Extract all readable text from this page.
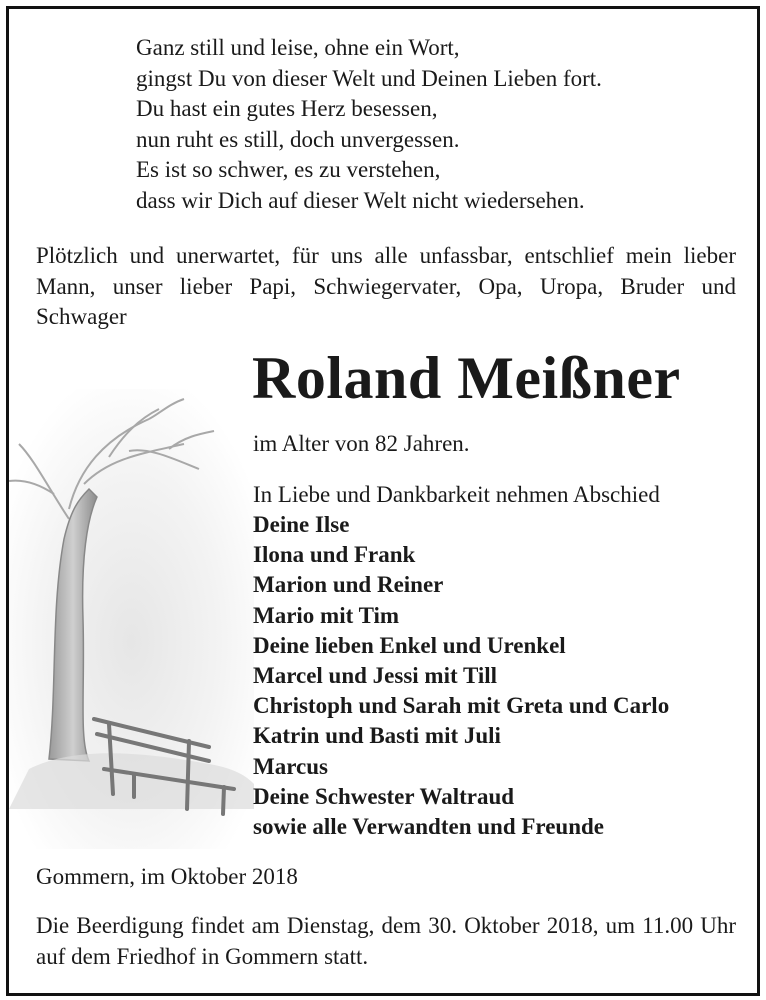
Ganz still und leise, ohne ein Wort,
gingst Du von dieser Welt und Deinen Lieben fort.
Du hast ein gutes Herz besessen,
nun ruht es still, doch unvergessen.
Es ist so schwer, es zu verstehen,
dass wir Dich auf dieser Welt nicht wiedersehen.
Plötzlich und unerwartet, für uns alle unfassbar, entschlief mein lieber Mann, unser lieber Papi, Schwiegervater, Opa, Uropa, Bruder und Schwager
Roland Meißner
im Alter von 82 Jahren.
In Liebe und Dankbarkeit nehmen Abschied
Deine Ilse
Ilona und Frank
Marion und Reiner
Mario mit Tim
Deine lieben Enkel und Urenkel
Marcel und Jessi mit Till
Christoph und Sarah mit Greta und Carlo
Katrin und Basti mit Juli
Marcus
Deine Schwester Waltraud
sowie alle Verwandten und Freunde
Gommern, im Oktober 2018
Die Beerdigung findet am Dienstag, dem 30. Oktober 2018, um 11.00 Uhr auf dem Friedhof in Gommern statt.
